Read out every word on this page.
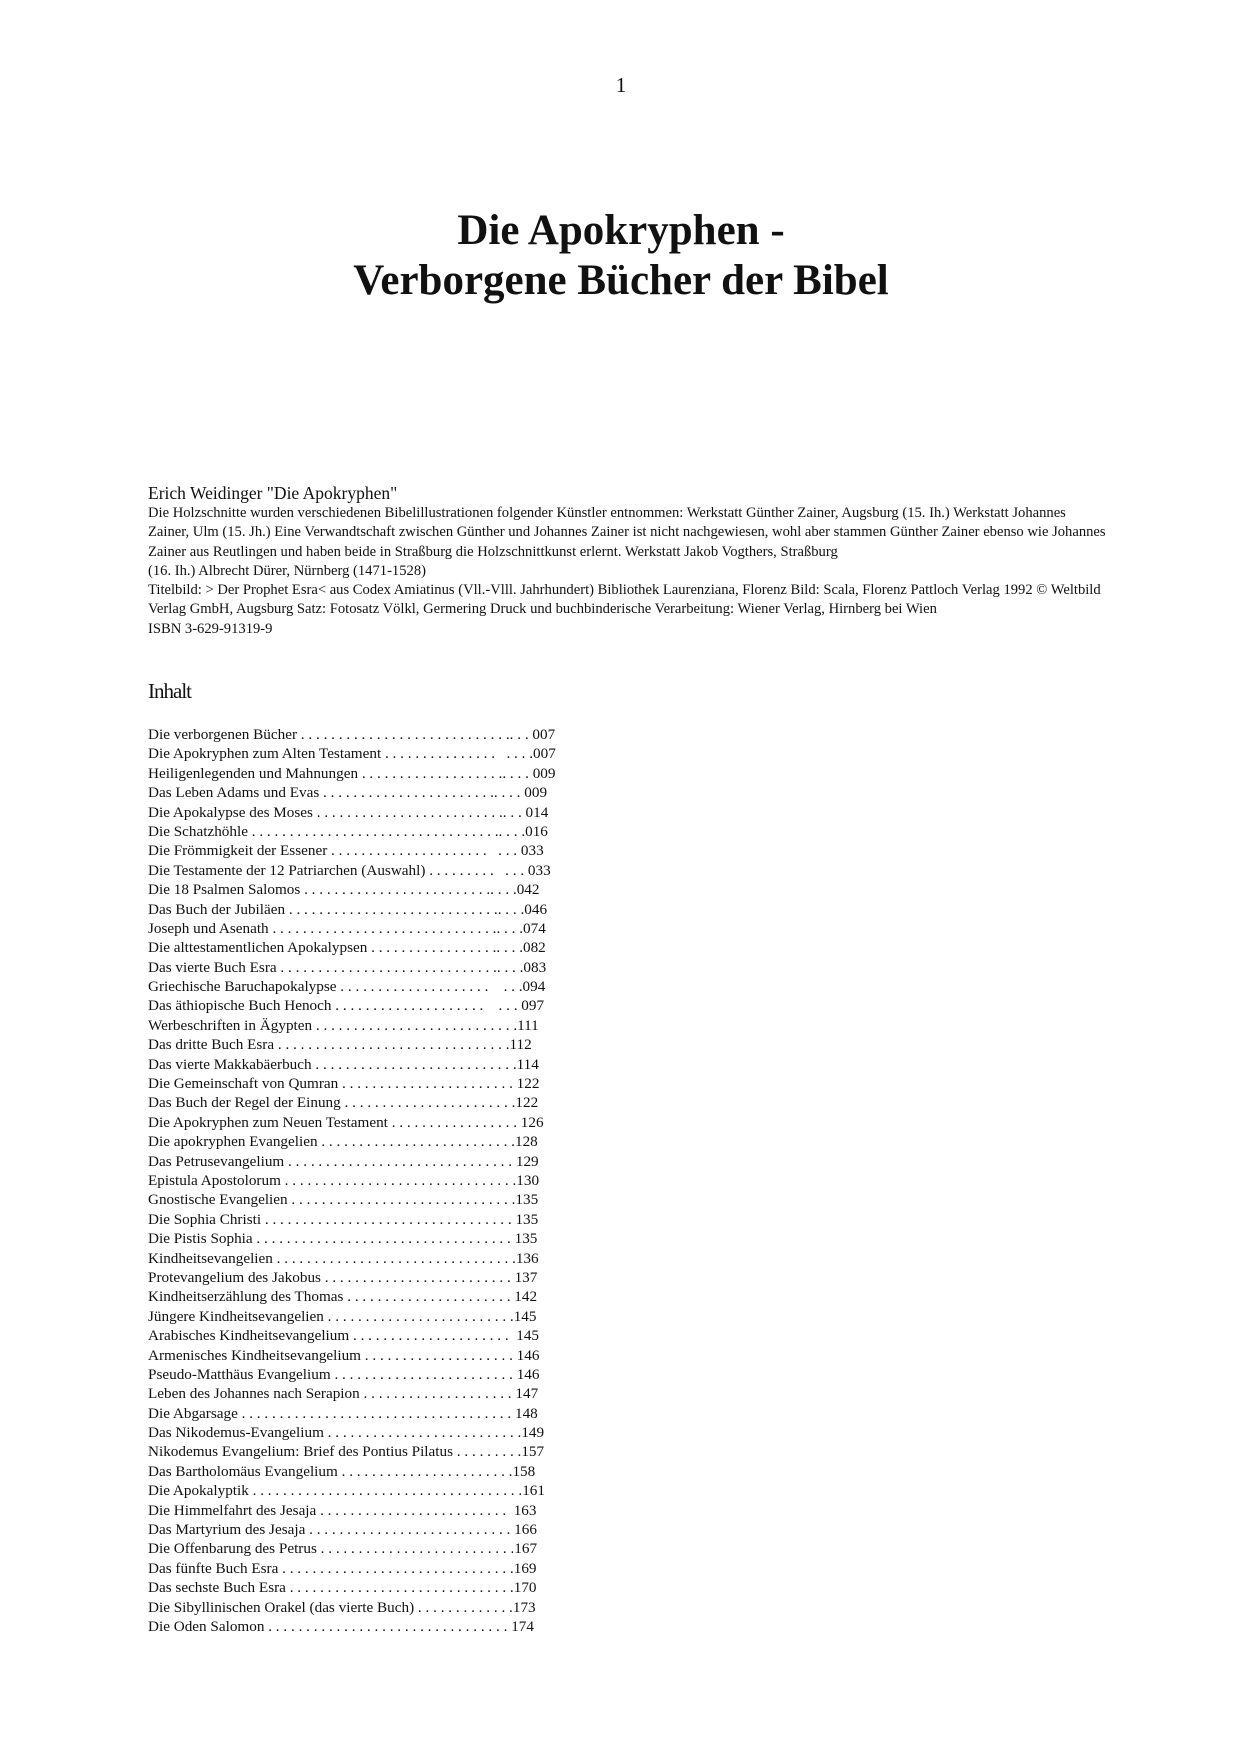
1
Die Apokryphen -
Verborgene Bücher der Bibel

Erich Weidinger "Die Apokryphen"

Die Holzschnitte wurden verschiedenen Bibelillustrationen folgender Künstler entnommen: Werkstatt Günther Zainer, Augsburg (15. Ih.) Werkstatt Johannes Zainer, Ulm (15. Jh.) Eine Verwandtschaft zwischen Günther und Johannes Zainer ist nicht nachgewiesen, wohl aber stammen Günther Zainer ebenso wie Johannes Zainer aus Reutlingen und haben beide in Straßburg die Holzschnittkunst erlernt. Werkstatt Jakob Vogthers, Straßburg

(16. Ih.) Albrecht Dürer, Nürnberg (1471-1528)

Titelbild: > Der Prophet Esra< aus Codex Amiatinus (Vll.-Vlll. Jahrhundert) Bibliothek Laurenziana, Florenz Bild: Scala, Florenz Pattloch Verlag 1992 © Weltbild Verlag GmbH, Augsburg Satz: Fotosatz Völkl, Germering Druck und buchbinderische Verarbeitung: Wiener Verlag, Hirnberg bei Wien

ISBN 3-629-91319-9

Inhalt
Die verborgenen Bücher . . . . . . . . . . . . . . . . . . . . . . . . . . . .. . . 007
Die Apokryphen zum Alten Testament . . . . . . . . . . . . . . .   . . . .007
Heiligenlegenden und Mahnungen . . . . . . . . . . . . . . . . . . .. . . . 009
Das Leben Adams und Evas . . . . . . . . . . . . . . . . . . . . . . .. . . . 009
Die Apokalypse des Moses . . . . . . . . . . . . . . . . . . . . . . . . .. . . 014
Die Schatzhöhle . . . . . . . . . . . . . . . . . . . . . . . . . . . . . . . . .. . . .016
Die Frömmigkeit der Essener . . . . . . . . . . . . . . . . . . . . .   . . . 033
Die Testamente der 12 Patriarchen (Auswahl) . . . . . . . . .   . . . 033
Die 18 Psalmen Salomos . . . . . . . . . . . . . . . . . . . . . . . . .. . . .042
Das Buch der Jubiläen . . . . . . . . . . . . . . . . . . . . . . . . . . . .. . . .046
Joseph und Asenath . . . . . . . . . . . . . . . . . . . . . . . . . . . . . .. . . .074
Die alttestamentlichen Apokalypsen . . . . . . . . . . . . . . . . .. . . .082
Das vierte Buch Esra . . . . . . . . . . . . . . . . . . . . . . . . . . . . .. . . .083
Griechische Baruchapokalypse . . . . . . . . . . . . . . . . . . . .    . . .094
Das äthiopische Buch Henoch . . . . . . . . . . . . . . . . . . . .    . . . 097
Werbeschriften in Ägypten . . . . . . . . . . . . . . . . . . . . . . . . . . .111
Das dritte Buch Esra . . . . . . . . . . . . . . . . . . . . . . . . . . . . . . .112
Das vierte Makkabäerbuch . . . . . . . . . . . . . . . . . . . . . . . . . . .114
Die Gemeinschaft von Qumran . . . . . . . . . . . . . . . . . . . . . . . 122
Das Buch der Regel der Einung . . . . . . . . . . . . . . . . . . . . . . .122
Die Apokryphen zum Neuen Testament . . . . . . . . . . . . . . . . . 126
Die apokryphen Evangelien . . . . . . . . . . . . . . . . . . . . . . . . . .128
Das Petrusevangelium . . . . . . . . . . . . . . . . . . . . . . . . . . . . . . 129
Epistula Apostolorum . . . . . . . . . . . . . . . . . . . . . . . . . . . . . . .130
Gnostische Evangelien . . . . . . . . . . . . . . . . . . . . . . . . . . . . . .135
Die Sophia Christi . . . . . . . . . . . . . . . . . . . . . . . . . . . . . . . . . 135
Die Pistis Sophia . . . . . . . . . . . . . . . . . . . . . . . . . . . . . . . . . . 135
Kindheitsevangelien . . . . . . . . . . . . . . . . . . . . . . . . . . . . . . . .136
Protevangelium des Jakobus . . . . . . . . . . . . . . . . . . . . . . . . . 137
Kindheitserzählung des Thomas . . . . . . . . . . . . . . . . . . . . . . 142
Jüngere Kindheitsevangelien . . . . . . . . . . . . . . . . . . . . . . . . .145
Arabisches Kindheitsevangelium . . . . . . . . . . . . . . . . . . . . .  145
Armenisches Kindheitsevangelium . . . . . . . . . . . . . . . . . . . . 146
Pseudo-Matthäus Evangelium . . . . . . . . . . . . . . . . . . . . . . . . 146
Leben des Johannes nach Serapion . . . . . . . . . . . . . . . . . . . . 147
Die Abgarsage . . . . . . . . . . . . . . . . . . . . . . . . . . . . . . . . . . . . 148
Das Nikodemus-Evangelium . . . . . . . . . . . . . . . . . . . . . . . . . .149
Nikodemus Evangelium: Brief des Pontius Pilatus . . . . . . . . .157
Das Bartholomäus Evangelium . . . . . . . . . . . . . . . . . . . . . . .158
Die Apokalyptik . . . . . . . . . . . . . . . . . . . . . . . . . . . . . . . . . . . .161
Die Himmelfahrt des Jesaja . . . . . . . . . . . . . . . . . . . . . . . . .  163
Das Martyrium des Jesaja . . . . . . . . . . . . . . . . . . . . . . . . . . . 166
Die Offenbarung des Petrus . . . . . . . . . . . . . . . . . . . . . . . . . .167
Das fünfte Buch Esra . . . . . . . . . . . . . . . . . . . . . . . . . . . . . . .169
Das sechste Buch Esra . . . . . . . . . . . . . . . . . . . . . . . . . . . . . .170
Die Sibyllinischen Orakel (das vierte Buch) . . . . . . . . . . . . .173
Die Oden Salomon . . . . . . . . . . . . . . . . . . . . . . . . . . . . . . . . 174
